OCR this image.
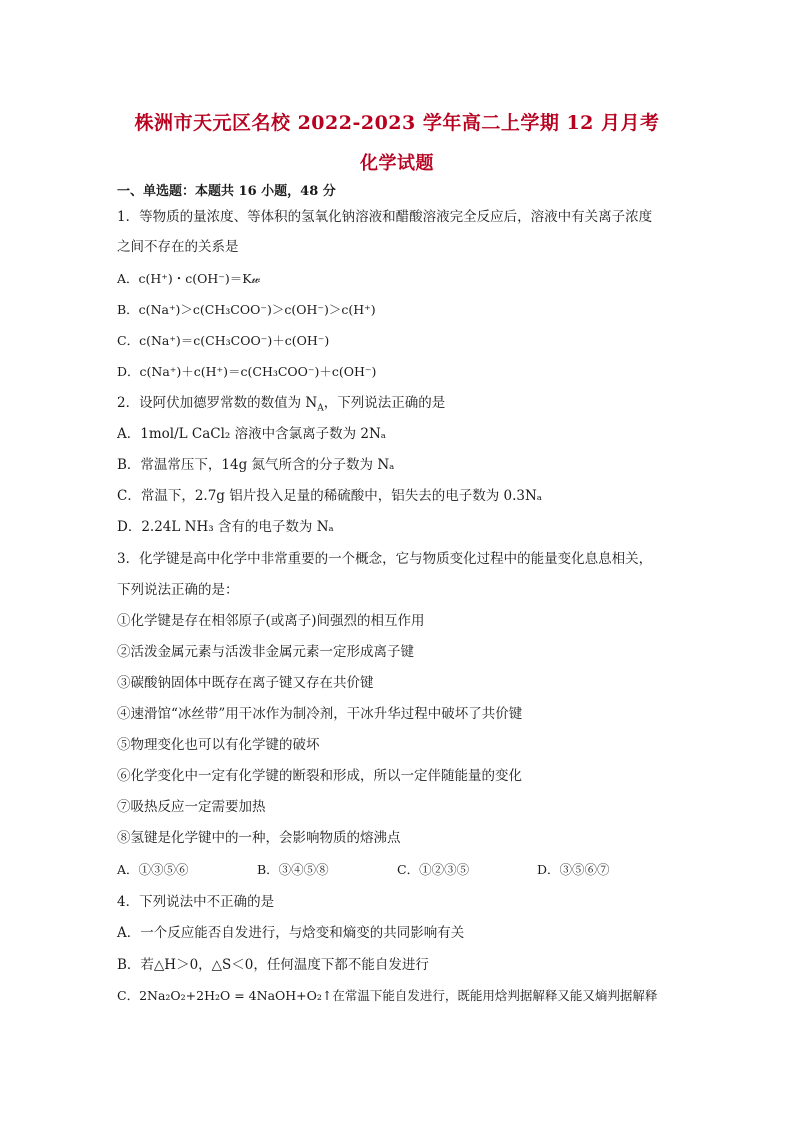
株洲市天元区名校 2022-2023 学年高二上学期 12 月月考
化学试题
一、单选题：本题共 16 小题，48 分
1．等物质的量浓度、等体积的氢氧化钠溶液和醋酸溶液完全反应后，溶液中有关离子浓度
之间不存在的关系是
A．c(H⁺)・c(OH⁻)＝K𝓌
B．c(Na⁺)＞c(CH₃COO⁻)＞c(OH⁻)＞c(H⁺)
C．c(Na⁺)＝c(CH₃COO⁻)＋c(OH⁻)
D．c(Na⁺)＋c(H⁺)＝c(CH₃COO⁻)＋c(OH⁻)
2．设阿伏加德罗常数的数值为 $N_A$，下列说法正确的是
A．1mol/L CaCl₂ 溶液中含氯离子数为 2Nₐ
B．常温常压下，14g 氮气所含的分子数为 Nₐ
C．常温下，2.7g 铝片投入足量的稀硫酸中，铝失去的电子数为 0.3Nₐ
D．2.24L NH₃ 含有的电子数为 Nₐ
3．化学键是高中化学中非常重要的一个概念，它与物质变化过程中的能量变化息息相关，
下列说法正确的是：
①化学键是存在相邻原子(或离子)间强烈的相互作用
②活泼金属元素与活泼非金属元素一定形成离子键
③碳酸钠固体中既存在离子键又存在共价键
④速滑馆“冰丝带”用干冰作为制冷剂，干冰升华过程中破坏了共价键
⑤物理变化也可以有化学键的破坏
⑥化学变化中一定有化学键的断裂和形成，所以一定伴随能量的变化
⑦吸热反应一定需要加热
⑧氢键是化学键中的一种，会影响物质的熔沸点
A．①③⑤⑥	B．③④⑤⑧	C．①②③⑤	D．③⑤⑥⑦
4．下列说法中不正确的是
A．一个反应能否自发进行，与焓变和熵变的共同影响有关
B．若△H＞0，△S＜0，任何温度下都不能自发进行
C．2Na₂O₂+2H₂O = 4NaOH+O₂↑在常温下能自发进行，既能用焓判据解释又能又熵判据解释
